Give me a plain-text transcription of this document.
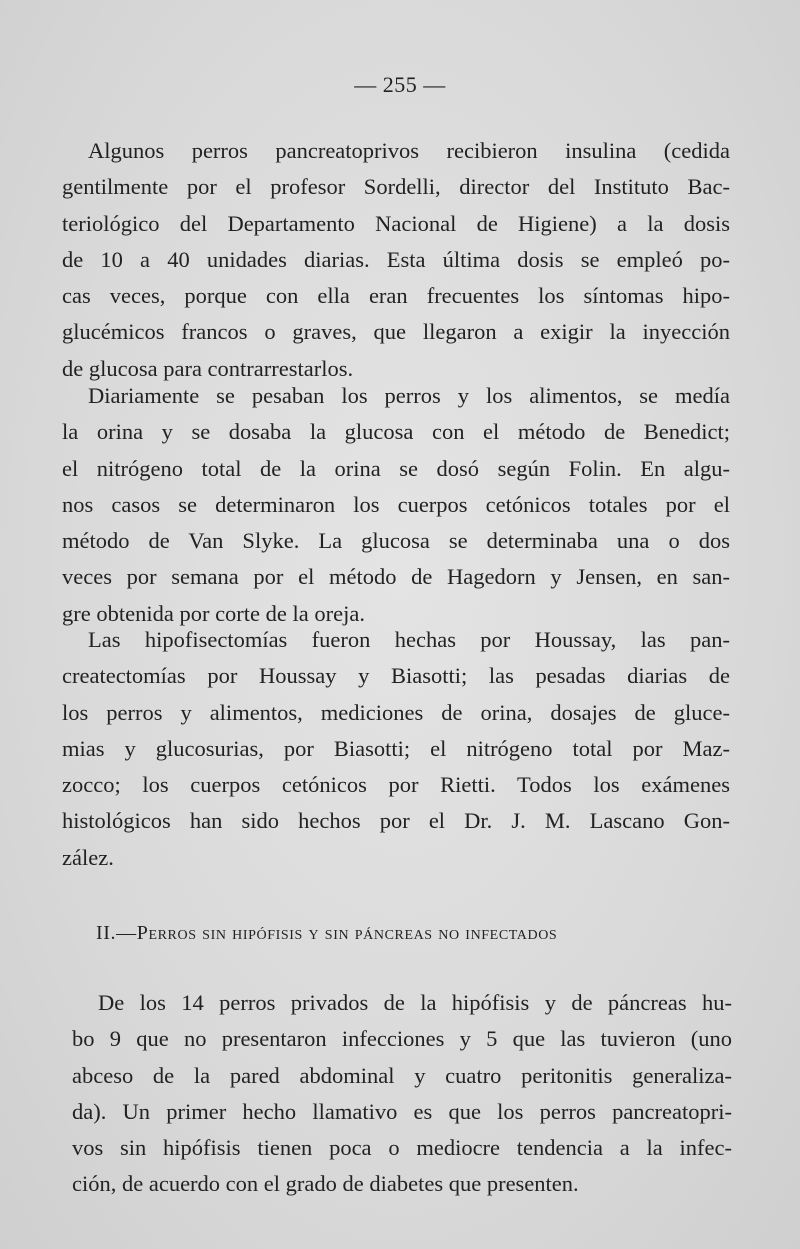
— 255 —
Algunos perros pancreatoprivos recibieron insulina (cedida
gentilmente por el profesor Sordelli, director del Instituto Bac-
teriológico del Departamento Nacional de Higiene) a la dosis
de 10 a 40 unidades diarias. Esta última dosis se empleó po-
cas veces, porque con ella eran frecuentes los síntomas hipo-
glucémicos francos o graves, que llegaron a exigir la inyección
de glucosa para contrarrestarlos.
Diariamente se pesaban los perros y los alimentos, se medía
la orina y se dosaba la glucosa con el método de Benedict;
el nitrógeno total de la orina se dosó según Folin. En algu-
nos casos se determinaron los cuerpos cetónicos totales por el
método de Van Slyke. La glucosa se determinaba una o dos
veces por semana por el método de Hagedorn y Jensen, en san-
gre obtenida por corte de la oreja.
Las hipofisectomías fueron hechas por Houssay, las pan-
createctomías por Houssay y Biasotti; las pesadas diarias de
los perros y alimentos, mediciones de orina, dosajes de gluce-
mias y glucosurias, por Biasotti; el nitrógeno total por Maz-
zocco; los cuerpos cetónicos por Rietti. Todos los exámenes
histológicos han sido hechos por el Dr. J. M. Lascano Gon-
zález.
II.—Perros sin hipófisis y sin páncreas no infectados
De los 14 perros privados de la hipófisis y de páncreas hu-
bo 9 que no presentaron infecciones y 5 que las tuvieron (uno
abceso de la pared abdominal y cuatro peritonitis generaliza-
da). Un primer hecho llamativo es que los perros pancreatopri-
vos sin hipófisis tienen poca o mediocre tendencia a la infec-
ción, de acuerdo con el grado de diabetes que presenten.
